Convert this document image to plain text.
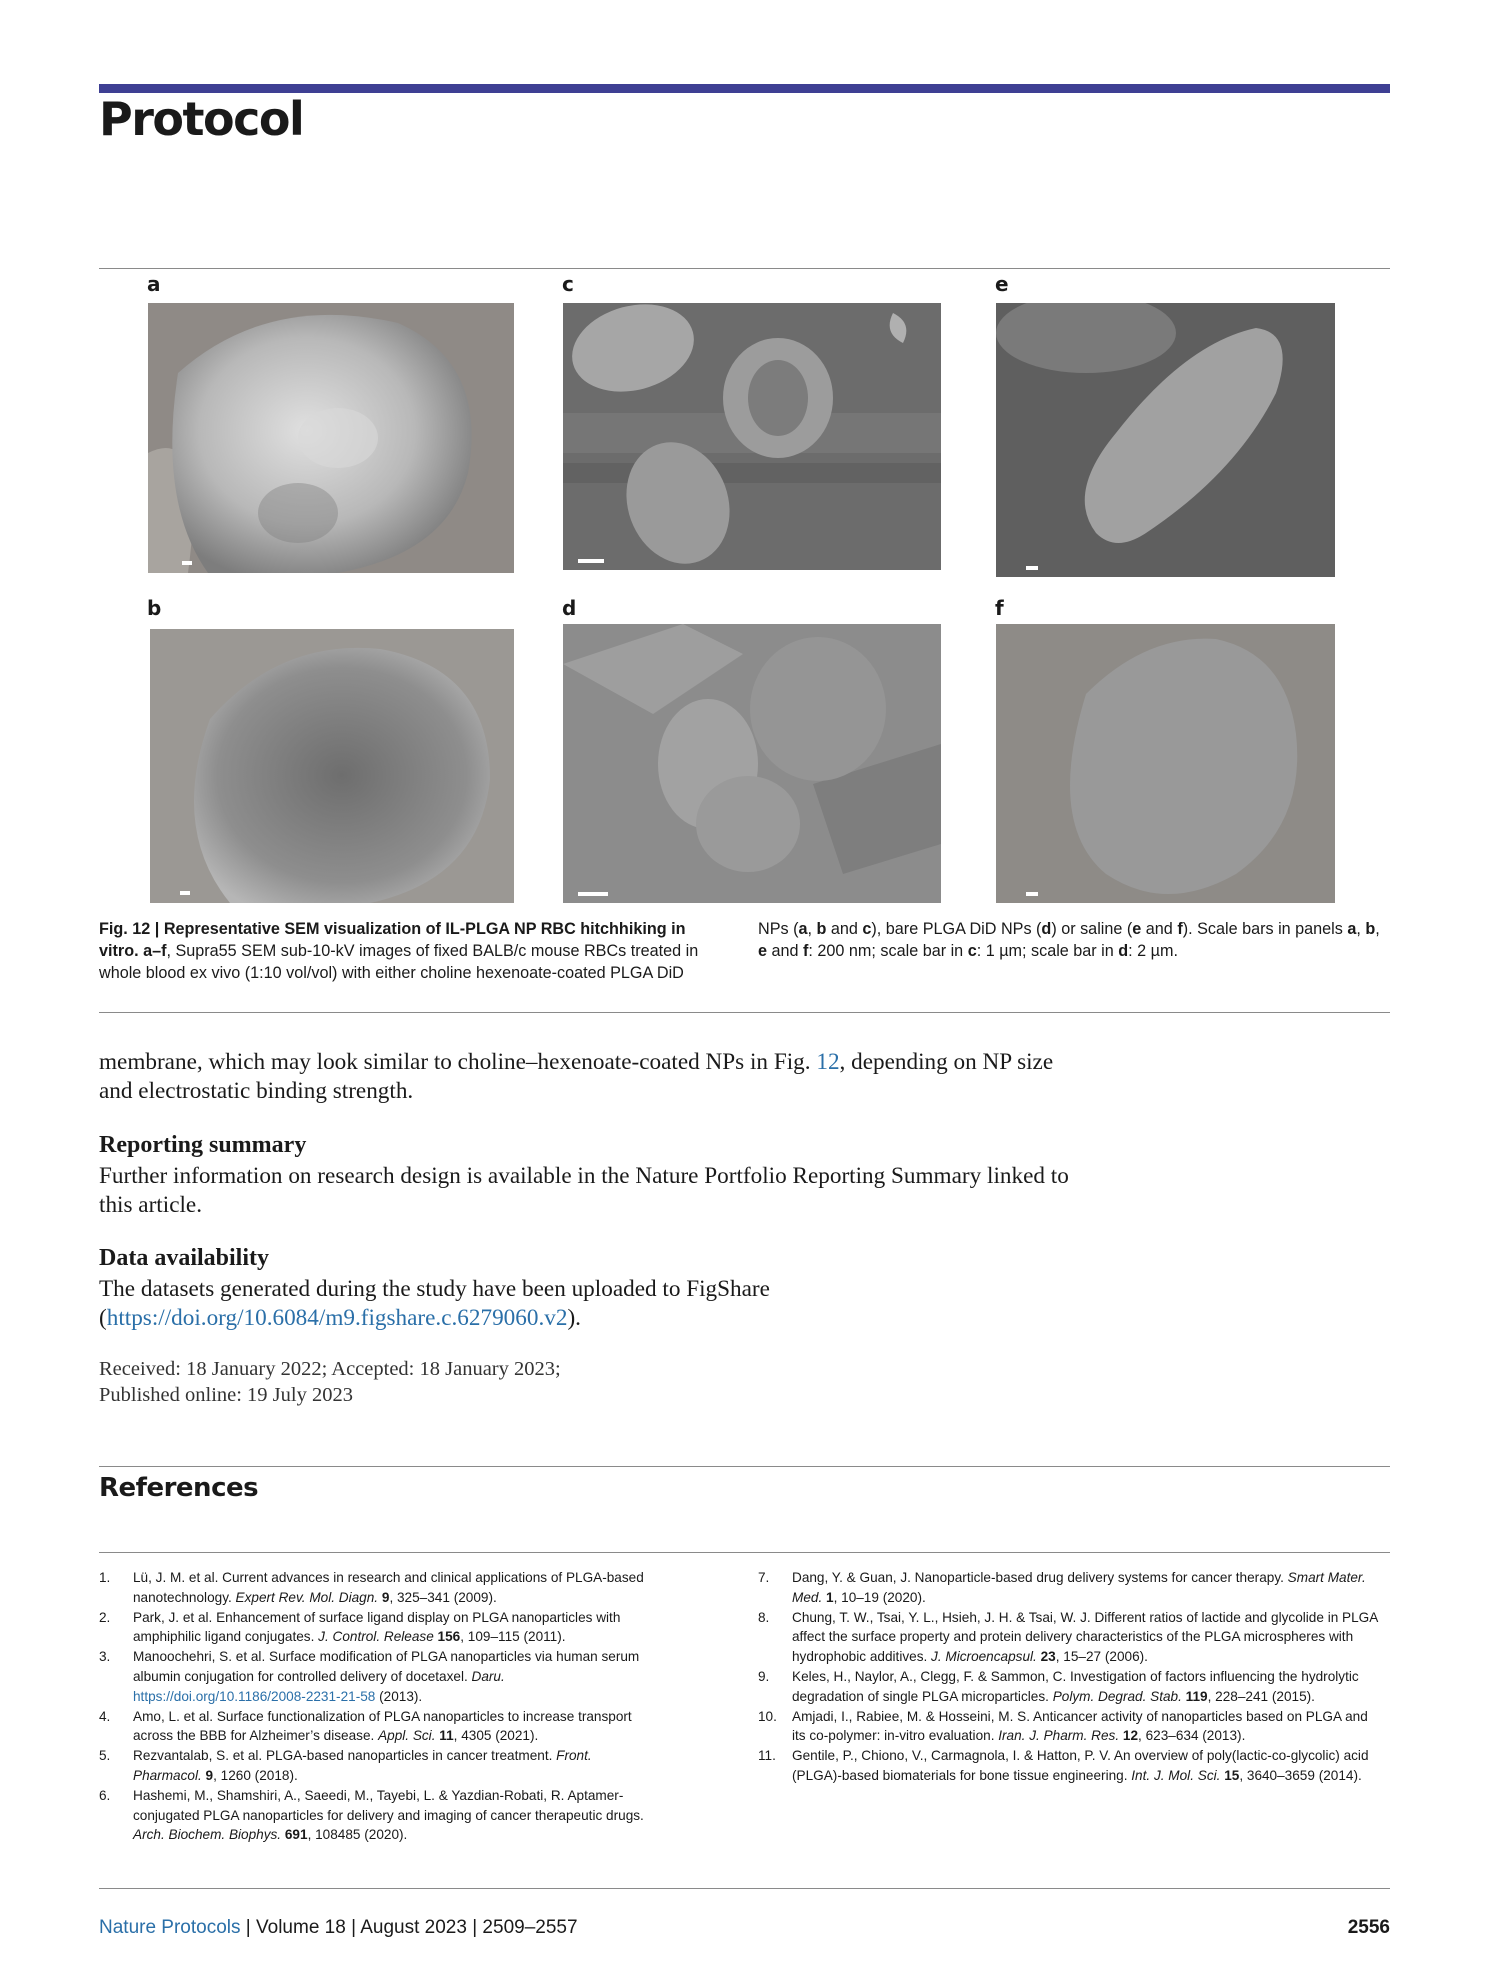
Protocol
a
b
c
d
e
f
Fig. 12 | Representative SEM visualization of IL-PLGA NP RBC hitchhiking in vitro. a–f, Supra55 SEM sub-10-kV images of fixed BALB/c mouse RBCs treated in whole blood ex vivo (1:10 vol/vol) with either choline hexenoate-coated PLGA DiD
NPs (a, b and c), bare PLGA DiD NPs (d) or saline (e and f). Scale bars in panels a, b, e and f: 200 nm; scale bar in c: 1 µm; scale bar in d: 2 µm.
membrane, which may look similar to choline–hexenoate-coated NPs in Fig. 12, depending on NP size and electrostatic binding strength.
Reporting summary
Further information on research design is available in the Nature Portfolio Reporting Summary linked to this article.
Data availability
The datasets generated during the study have been uploaded to FigShare (https://doi.org/10.6084/m9.figshare.c.6279060.v2).
Received: 18 January 2022; Accepted: 18 January 2023;
Published online: 19 July 2023
References
1.	Lü, J. M. et al. Current advances in research and clinical applications of PLGA-based nanotechnology. Expert Rev. Mol. Diagn. 9, 325–341 (2009).
2.	Park, J. et al. Enhancement of surface ligand display on PLGA nanoparticles with amphiphilic ligand conjugates. J. Control. Release 156, 109–115 (2011).
3.	Manoochehri, S. et al. Surface modification of PLGA nanoparticles via human serum albumin conjugation for controlled delivery of docetaxel. Daru. https://doi.org/10.1186/2008-2231-21-58 (2013).
4.	Amo, L. et al. Surface functionalization of PLGA nanoparticles to increase transport across the BBB for Alzheimer’s disease. Appl. Sci. 11, 4305 (2021).
5.	Rezvantalab, S. et al. PLGA-based nanoparticles in cancer treatment. Front. Pharmacol. 9, 1260 (2018).
6.	Hashemi, M., Shamshiri, A., Saeedi, M., Tayebi, L. & Yazdian-Robati, R. Aptamer-conjugated PLGA nanoparticles for delivery and imaging of cancer therapeutic drugs. Arch. Biochem. Biophys. 691, 108485 (2020).
7.	Dang, Y. & Guan, J. Nanoparticle-based drug delivery systems for cancer therapy. Smart Mater. Med. 1, 10–19 (2020).
8.	Chung, T. W., Tsai, Y. L., Hsieh, J. H. & Tsai, W. J. Different ratios of lactide and glycolide in PLGA affect the surface property and protein delivery characteristics of the PLGA microspheres with hydrophobic additives. J. Microencapsul. 23, 15–27 (2006).
9.	Keles, H., Naylor, A., Clegg, F. & Sammon, C. Investigation of factors influencing the hydrolytic degradation of single PLGA microparticles. Polym. Degrad. Stab. 119, 228–241 (2015).
10.	Amjadi, I., Rabiee, M. & Hosseini, M. S. Anticancer activity of nanoparticles based on PLGA and its co-polymer: in-vitro evaluation. Iran. J. Pharm. Res. 12, 623–634 (2013).
11.	Gentile, P., Chiono, V., Carmagnola, I. & Hatton, P. V. An overview of poly(lactic-co-glycolic) acid (PLGA)-based biomaterials for bone tissue engineering. Int. J. Mol. Sci. 15, 3640–3659 (2014).
Nature Protocols | Volume 18 | August 2023 | 2509–2557	2556
